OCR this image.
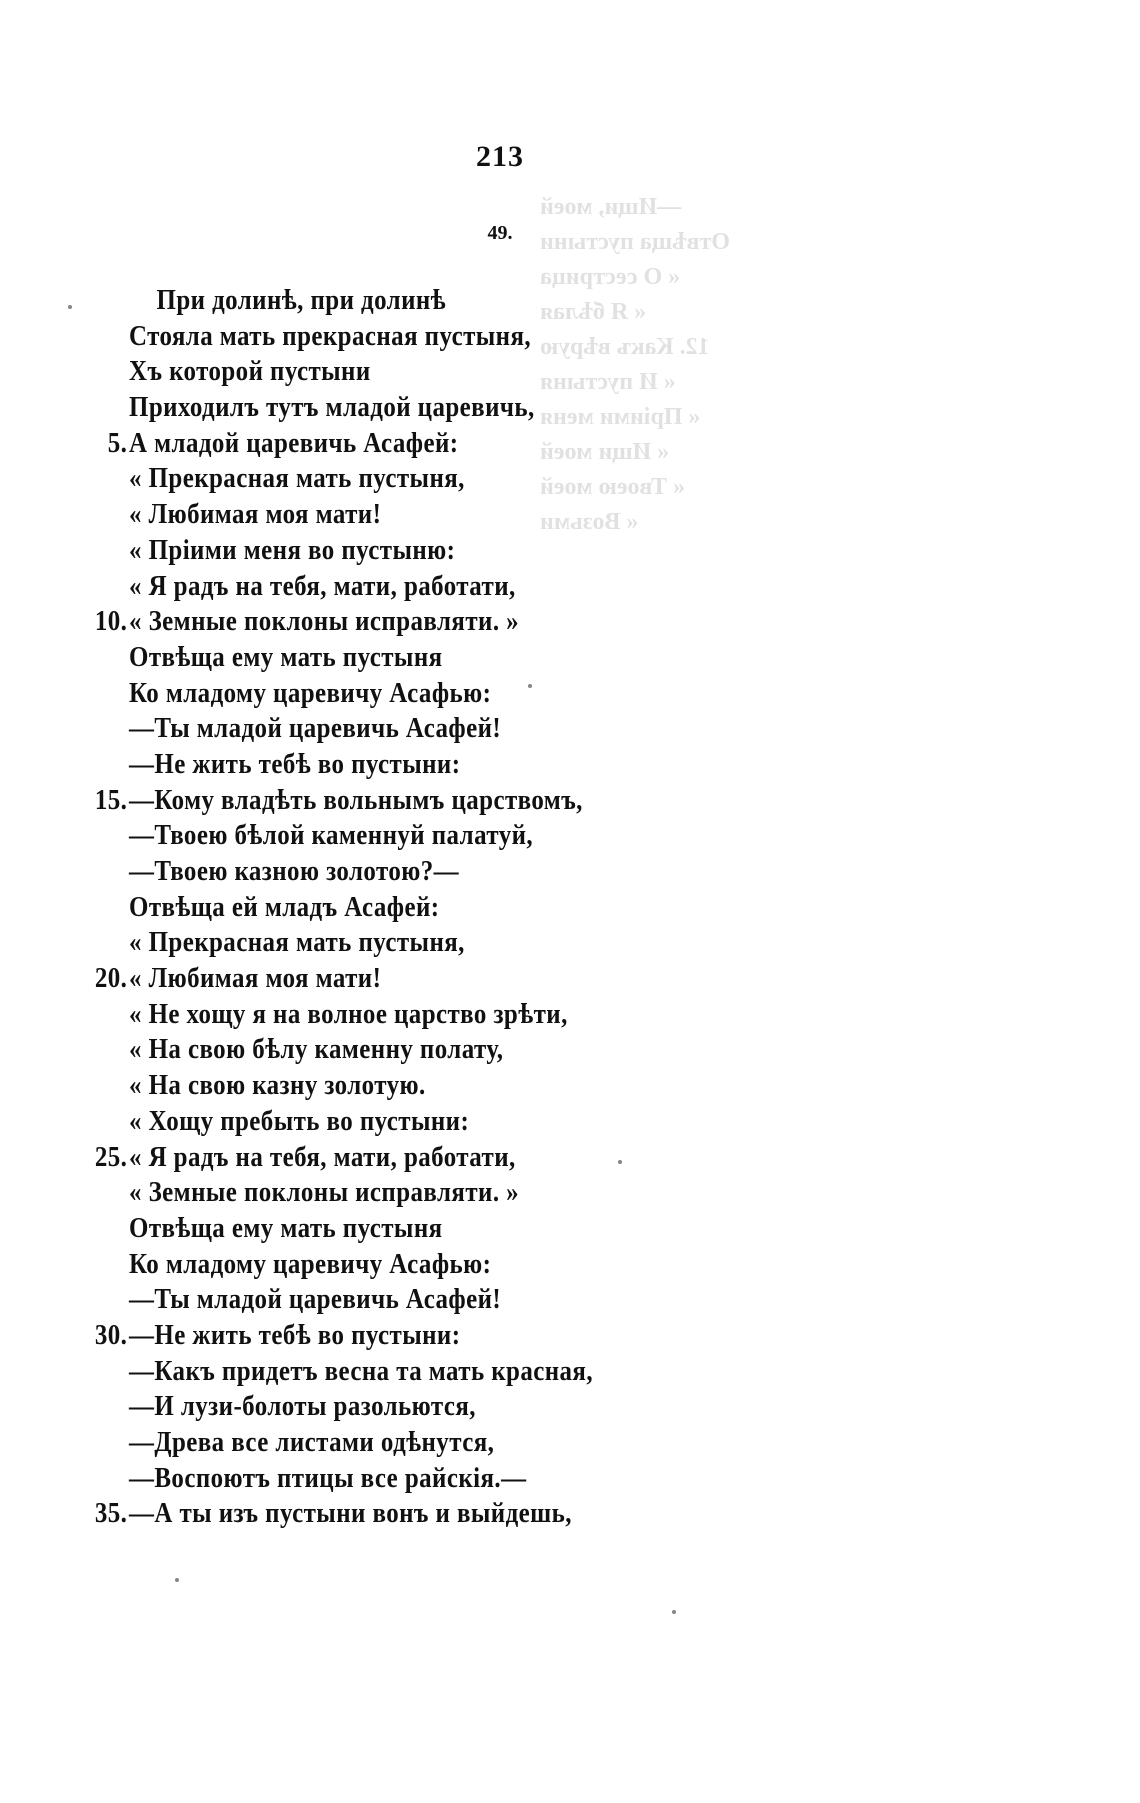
213
49.
—Ищи, моей
Отвѣща пустыни
« О сестрица
« Я бѣлая
12. Какъ вѣрую
« И пустыня
« Пріими меня
« Ищи моей
« Твоею моей
« Возьми
При долинѣ, при долинѣ
Стояла мать прекрасная пустыня,
Хъ которой пустыни
Приходилъ тутъ младой царевичь,
5. А младой царевичь Асафей:
« Прекрасная мать пустыня,
« Любимая моя мати!
« Пріими меня во пустыню:
« Я радъ на тебя, мати, работати,
10. « Земные поклоны исправляти. »
Отвѣща ему мать пустыня
Ко младому царевичу Асафью:
—Ты младой царевичь Асафей!
—Не жить тебѣ во пустыни:
15. —Кому владѣть вольнымъ царствомъ,
—Твоею бѣлой каменнуй палатуй,
—Твоею казною золотою?—
Отвѣща ей младъ Асафей:
« Прекрасная мать пустыня,
20. « Любимая моя мати!
« Не хощу я на волное царство зрѣти,
« На свою бѣлу каменну полату,
« На свою казну золотую.
« Хощу пребыть во пустыни:
25. « Я радъ на тебя, мати, работати,
« Земные поклоны исправляти. »
Отвѣща ему мать пустыня
Ко младому царевичу Асафью:
—Ты младой царевичь Асафей!
30. —Не жить тебѣ во пустыни:
—Какъ придетъ весна та мать красная,
—И лузи-болоты разольются,
—Древа все листами одѣнутся,
—Воспоютъ птицы все райскія.—
35. —А ты изъ пустыни вонъ и выйдешь,
